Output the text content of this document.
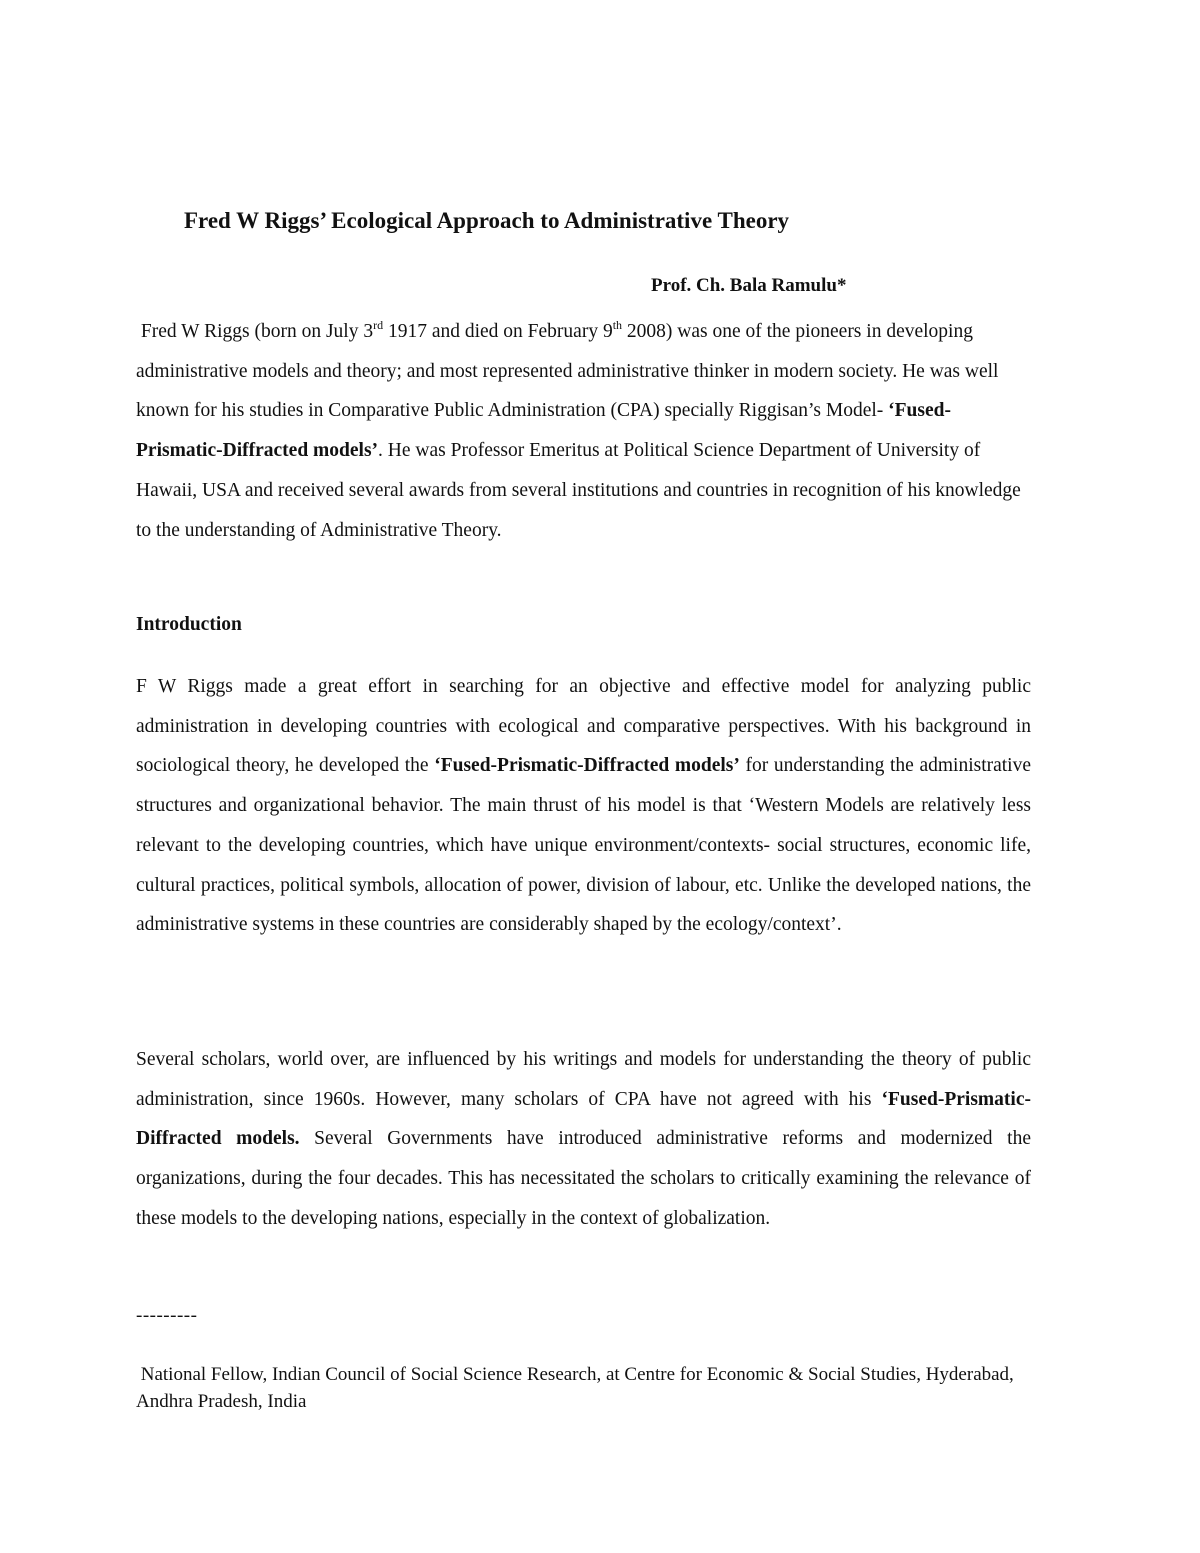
Fred W Riggs’ Ecological Approach to Administrative Theory
Prof. Ch. Bala Ramulu*

Fred W Riggs (born on July 3rd 1917 and died on February 9th 2008) was one of the pioneers in developing administrative models and theory; and most represented administrative thinker in modern society. He was well known for his studies in Comparative Public Administration (CPA) specially Riggisan’s Model- ‘Fused-Prismatic-Diffracted models’. He was Professor Emeritus at Political Science Department of University of Hawaii, USA and received several awards from several institutions and countries in recognition of his knowledge to the understanding of Administrative Theory.

Introduction

F W Riggs made a great effort in searching for an objective and effective model for analyzing public administration in developing countries with ecological and comparative perspectives. With his background in sociological theory, he developed the ‘Fused-Prismatic-Diffracted models’ for understanding the administrative structures and organizational behavior. The main thrust of his model is that ‘Western Models are relatively less relevant to the developing countries, which have unique environment/contexts- social structures, economic life, cultural practices, political symbols, allocation of power, division of labour, etc. Unlike the developed nations, the administrative systems in these countries are considerably shaped by the ecology/context’.

Several scholars, world over, are influenced by his writings and models for understanding the theory of public administration, since 1960s. However, many scholars of CPA have not agreed with his ‘Fused-Prismatic-Diffracted models. Several Governments have introduced administrative reforms and modernized the organizations, during the four decades. This has necessitated the scholars to critically examining the relevance of these models to the developing nations, especially in the context of globalization.

---------

National Fellow, Indian Council of Social Science Research, at Centre for Economic & Social Studies, Hyderabad, Andhra Pradesh, India
